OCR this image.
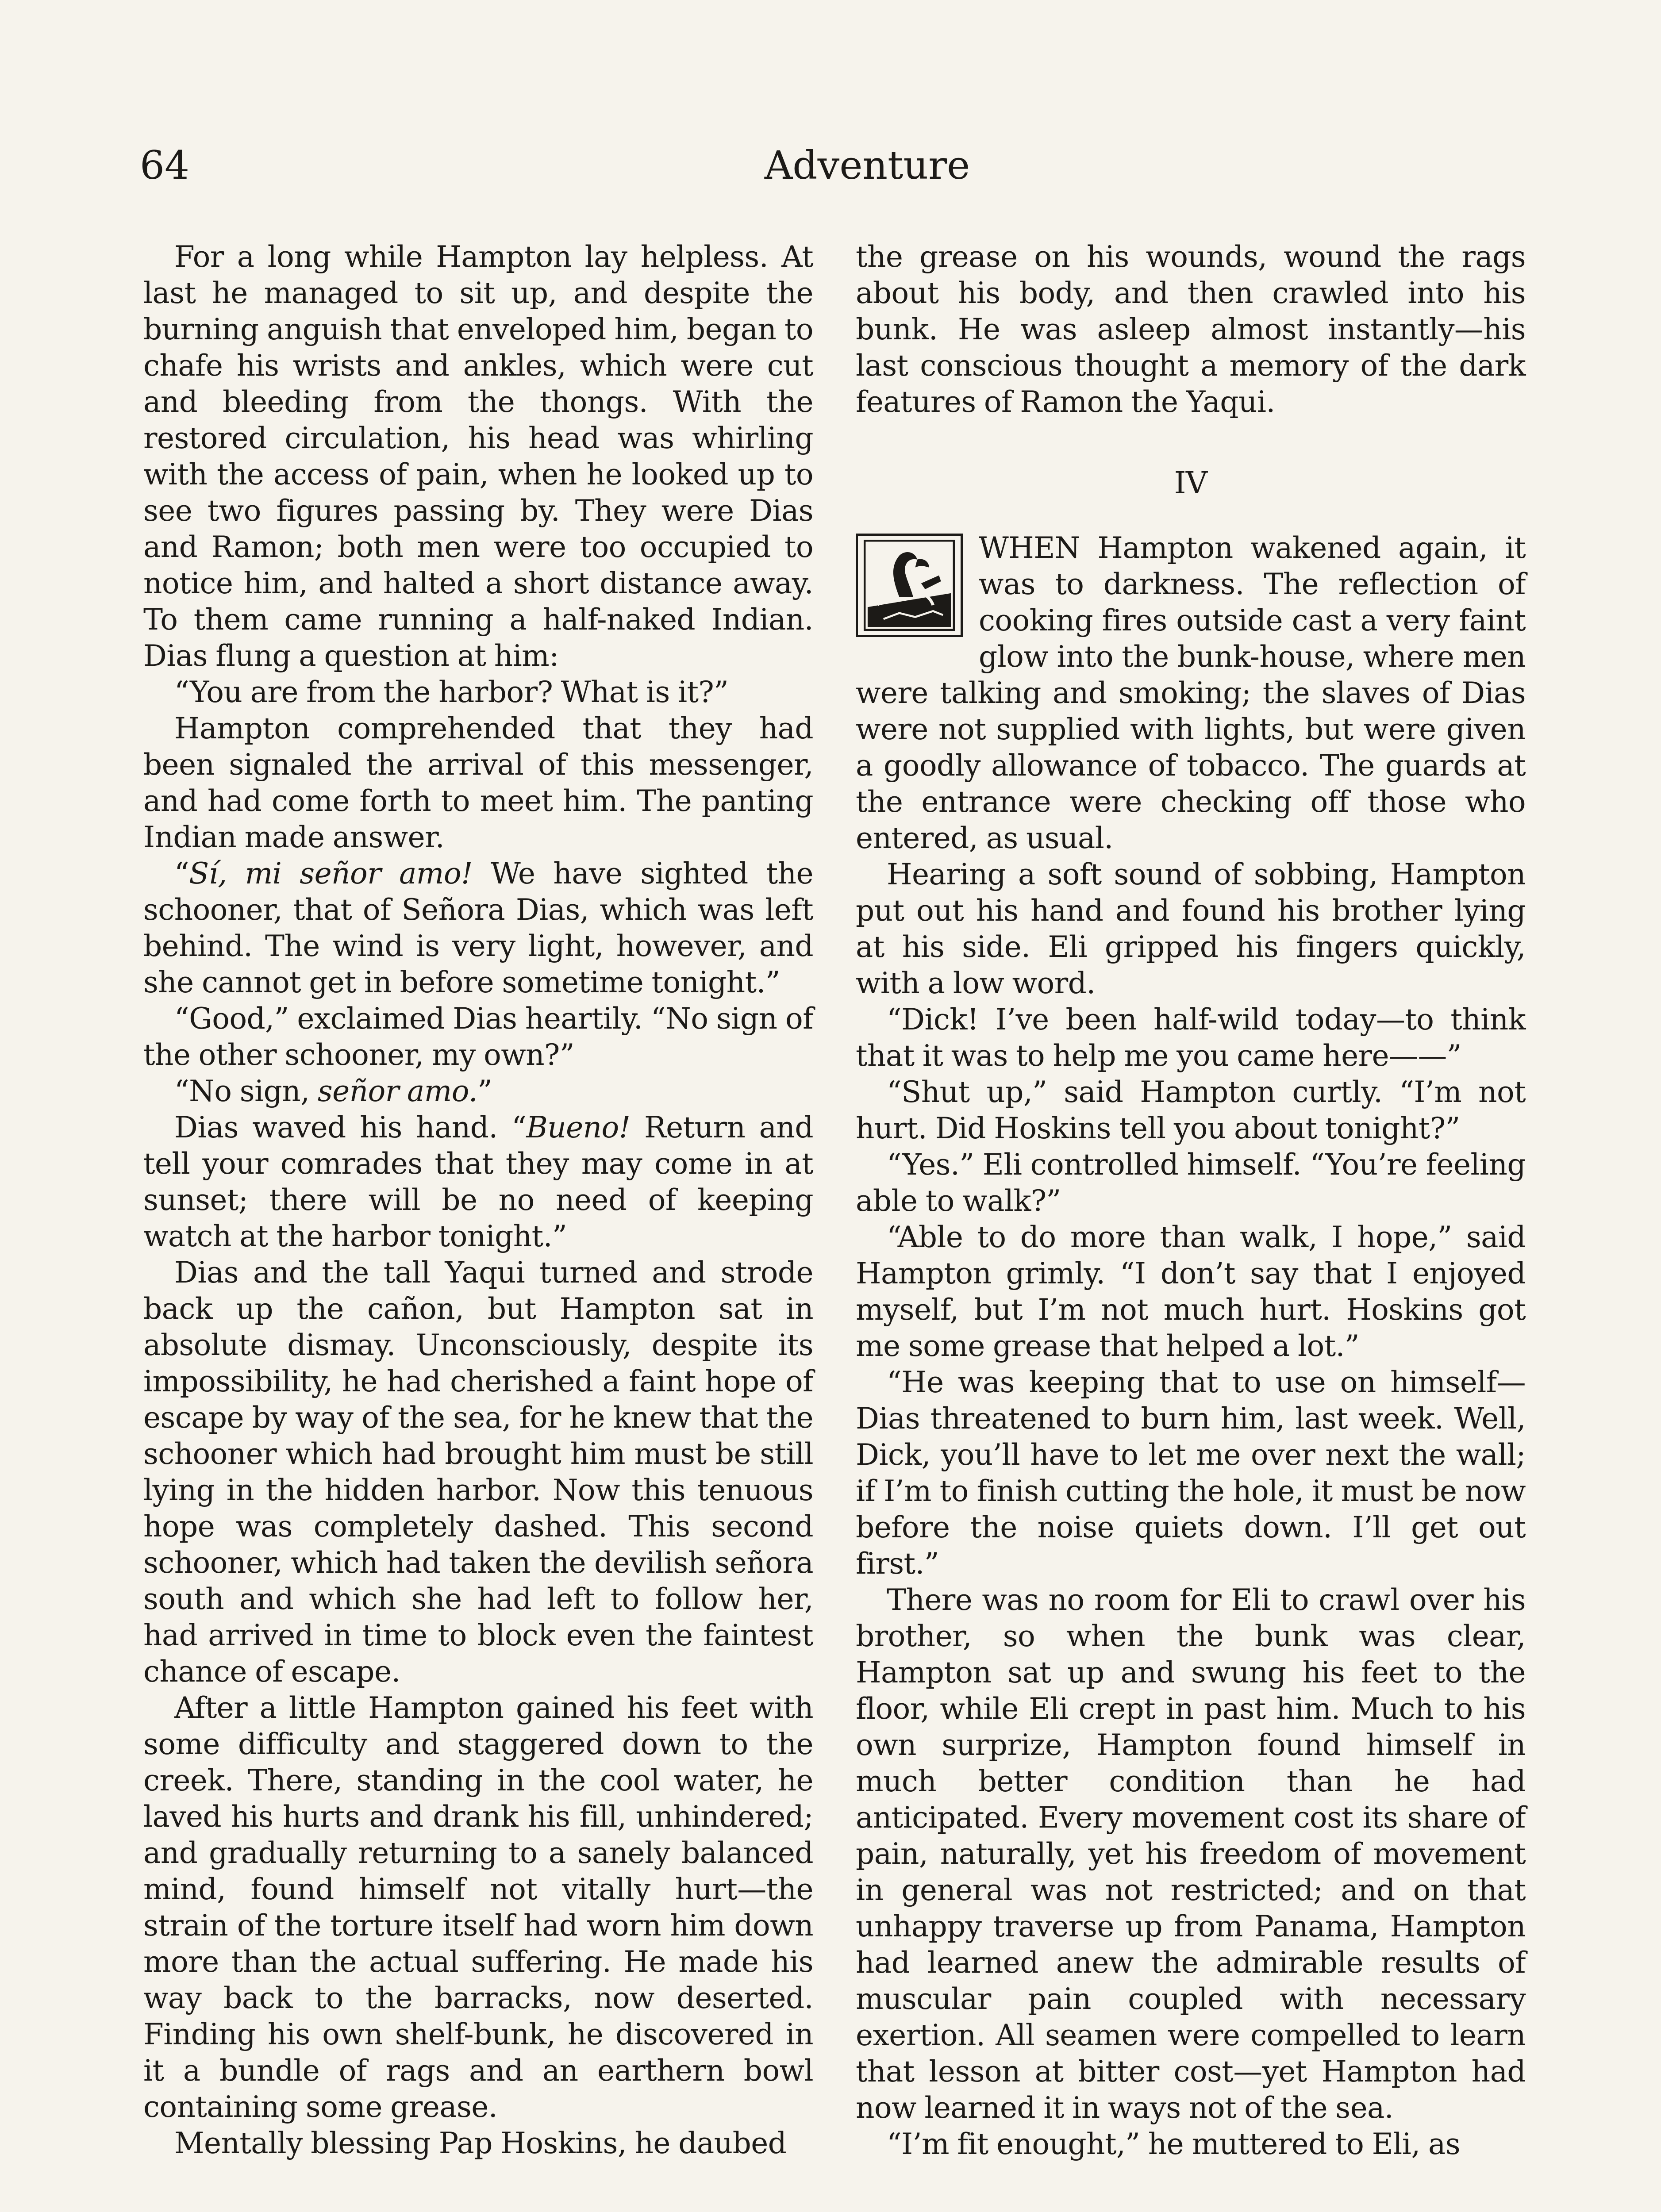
64	Adventure

For a long while Hampton lay helpless. At last he managed to sit up, and despite the burning anguish that enveloped him, began to chafe his wrists and ankles, which were cut and bleeding from the thongs. With the restored circulation, his head was whirling with the access of pain, when he looked up to see two figures passing by. They were Dias and Ramon; both men were too occupied to notice him, and halted a short distance away. To them came running a half-naked Indian. Dias flung a question at him:

“You are from the harbor? What is it?”

Hampton comprehended that they had been signaled the arrival of this messenger, and had come forth to meet him. The panting Indian made answer.

“Sí, mi señor amo! We have sighted the schooner, that of Señora Dias, which was left behind. The wind is very light, however, and she cannot get in before sometime tonight.”

“Good,” exclaimed Dias heartily. “No sign of the other schooner, my own?”

“No sign, señor amo.”

Dias waved his hand. “Bueno! Return and tell your comrades that they may come in at sunset; there will be no need of keeping watch at the harbor tonight.”

Dias and the tall Yaqui turned and strode back up the cañon, but Hampton sat in absolute dismay. Unconsciously, despite its impossibility, he had cherished a faint hope of escape by way of the sea, for he knew that the schooner which had brought him must be still lying in the hidden harbor. Now this tenuous hope was completely dashed. This second schooner, which had taken the devilish señora south and which she had left to follow her, had arrived in time to block even the faintest chance of escape.

After a little Hampton gained his feet with some difficulty and staggered down to the creek. There, standing in the cool water, he laved his hurts and drank his fill, unhindered; and gradually returning to a sanely balanced mind, found himself not vitally hurt—the strain of the torture itself had worn him down more than the actual suffering. He made his way back to the barracks, now deserted. Finding his own shelf-bunk, he discovered in it a bundle of rags and an earthern bowl containing some grease.

Mentally blessing Pap Hoskins, he daubed

the grease on his wounds, wound the rags about his body, and then crawled into his bunk. He was asleep almost instantly—his last conscious thought a memory of the dark features of Ramon the Yaqui.

IV

WHEN Hampton wakened again, it was to darkness. The reflection of cooking fires outside cast a very faint glow into the bunk-house, where men were talking and smoking; the slaves of Dias were not supplied with lights, but were given a goodly allowance of tobacco. The guards at the entrance were checking off those who entered, as usual.

Hearing a soft sound of sobbing, Hampton put out his hand and found his brother lying at his side. Eli gripped his fingers quickly, with a low word.

“Dick! I’ve been half-wild today—to think that it was to help me you came here——”

“Shut up,” said Hampton curtly. “I’m not hurt. Did Hoskins tell you about tonight?”

“Yes.” Eli controlled himself. “You’re feeling able to walk?”

“Able to do more than walk, I hope,” said Hampton grimly. “I don’t say that I enjoyed myself, but I’m not much hurt. Hoskins got me some grease that helped a lot.”

“He was keeping that to use on himself—Dias threatened to burn him, last week. Well, Dick, you’ll have to let me over next the wall; if I’m to finish cutting the hole, it must be now before the noise quiets down. I’ll get out first.”

There was no room for Eli to crawl over his brother, so when the bunk was clear, Hampton sat up and swung his feet to the floor, while Eli crept in past him. Much to his own surprize, Hampton found himself in much better condition than he had anticipated. Every movement cost its share of pain, naturally, yet his freedom of movement in general was not restricted; and on that unhappy traverse up from Panama, Hampton had learned anew the admirable results of muscular pain coupled with necessary exertion. All seamen were compelled to learn that lesson at bitter cost—yet Hampton had now learned it in ways not of the sea.

“I’m fit enought,” he muttered to Eli, as
